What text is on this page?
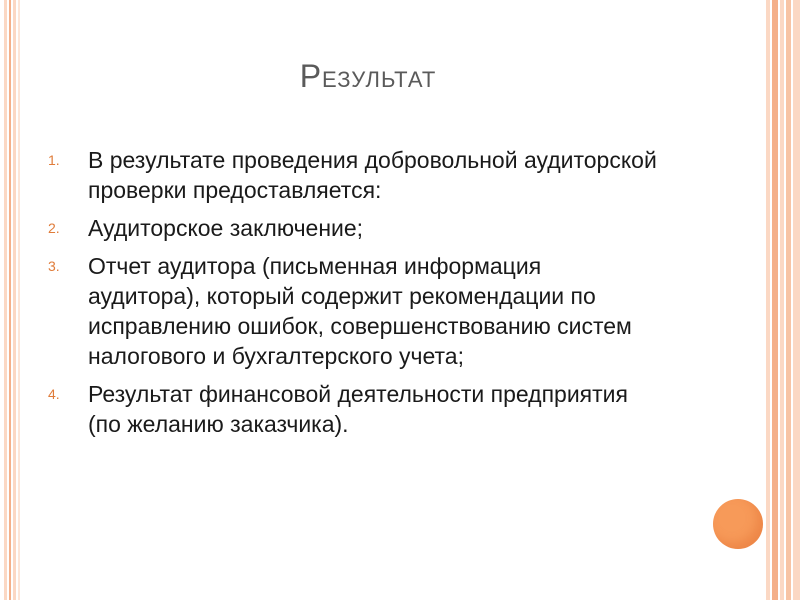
Результат
1.	В результате проведения добровольной аудиторской проверки предоставляется:
2.	Аудиторское заключение;
3.	Отчет аудитора (письменная информация аудитора), который содержит рекомендации по исправлению ошибок, совершенствованию систем налогового и бухгалтерского учета;
4.	Результат финансовой деятельности предприятия (по желанию заказчика).
